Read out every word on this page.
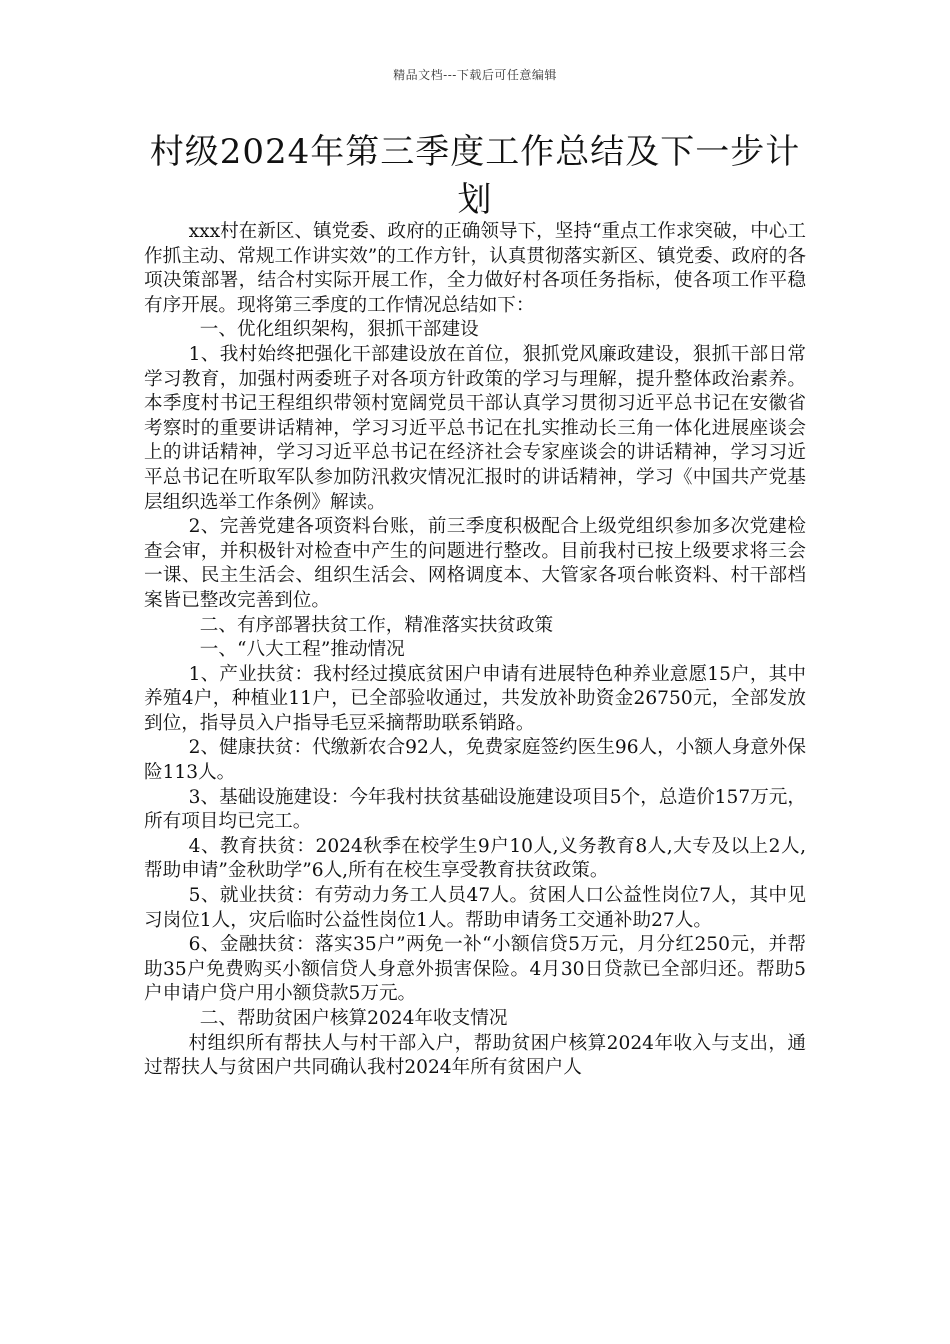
精品文档---下载后可任意编辑
村级2024年第三季度工作总结及下一步计划

xxx村在新区、镇党委、政府的正确领导下，坚持“重点工作求突破，中心工作抓主动、常规工作讲实效”的工作方针，认真贯彻落实新区、镇党委、政府的各项决策部署，结合村实际开展工作，全力做好村各项任务指标，使各项工作平稳有序开展。现将第三季度的工作情况总结如下：

一、优化组织架构，狠抓干部建设

1、我村始终把强化干部建设放在首位，狠抓党风廉政建设，狠抓干部日常学习教育，加强村两委班子对各项方针政策的学习与理解，提升整体政治素养。本季度村书记王程组织带领村宽阔党员干部认真学习贯彻习近平总书记在安徽省考察时的重要讲话精神，学习习近平总书记在扎实推动长三角一体化进展座谈会上的讲话精神，学习习近平总书记在经济社会专家座谈会的讲话精神，学习习近平总书记在听取军队参加防汛救灾情况汇报时的讲话精神，学习《中国共产党基层组织选举工作条例》解读。

2、完善党建各项资料台账，前三季度积极配合上级党组织参加多次党建检查会审，并积极针对检查中产生的问题进行整改。目前我村已按上级要求将三会一课、民主生活会、组织生活会、网格调度本、大管家各项台帐资料、村干部档案皆已整改完善到位。

二、有序部署扶贫工作，精准落实扶贫政策

一、“八大工程”推动情况

1、产业扶贫：我村经过摸底贫困户申请有进展特色种养业意愿15户，其中养殖4户，种植业11户，已全部验收通过，共发放补助资金26750元，全部发放到位，指导员入户指导毛豆采摘帮助联系销路。

2、健康扶贫：代缴新农合92人，免费家庭签约医生96人，小额人身意外保险113人。

3、基础设施建设：今年我村扶贫基础设施建设项目5个，总造价157万元，所有项目均已完工。

4、教育扶贫：2024秋季在校学生9户10人,义务教育8人,大专及以上2人,帮助申请”金秋助学”6人,所有在校生享受教育扶贫政策。

5、就业扶贫：有劳动力务工人员47人。贫困人口公益性岗位7人，其中见习岗位1人，灾后临时公益性岗位1人。帮助申请务工交通补助27人。

6、金融扶贫：落实35户”两免一补“小额信贷5万元，月分红250元，并帮助35户免费购买小额信贷人身意外损害保险。4月30日贷款已全部归还。帮助5户申请户贷户用小额贷款5万元。

二、帮助贫困户核算2024年收支情况

村组织所有帮扶人与村干部入户，帮助贫困户核算2024年收入与支出，通过帮扶人与贫困户共同确认我村2024年所有贫困户人
